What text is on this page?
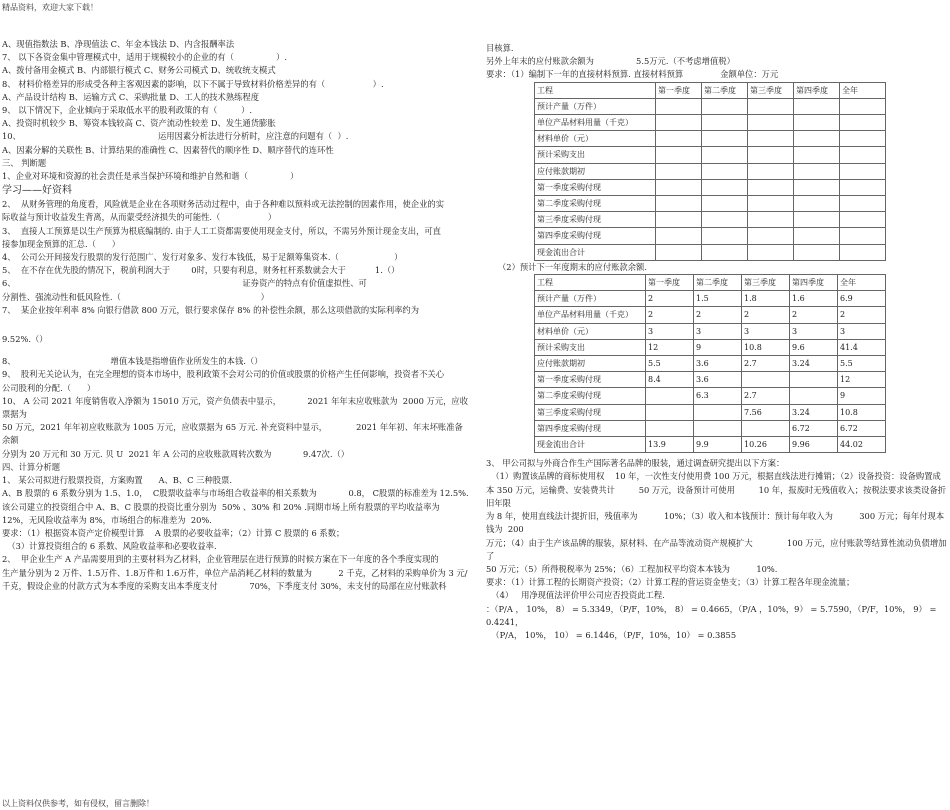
精品资料，欢迎大家下载！
A、现值指数法 B、净现值法 C、年金本钱法 D、内含报酬率法
7、 以下各资金集中管理模式中，适用于规模较小的企业的有（                ）.
A、拨付备用金模式 B、内部银行模式 C、财务公司模式 D、统收统支模式
8、 材料价格差异的形成受各种主客观因素的影响，以下不属于导致材料价格差异的有（                  ）.
A、产品设计结构 B、运输方式 C、采购批量 D、工人的技术熟练程度
9、 以下情况下，企业倾向于采取低水平的股利政策的有（         ）.
A、投资时机较少 B、筹资本钱较高 C、资产流动性较差 D、发生通货膨胀
10、                                                    运用因素分析法进行分析时，应注意的问题有（  ）.
A、因素分解的关联性 B、计算结果的准确性 C、因素替代的顺序性 D、顺序替代的连环性
三、 判断题
1、企业对环境和资源的社会责任是承当保护环境和维护自然和谐（                ）
学习——好资料
2、  从财务管理的角度看，风险就是企业在各项财务活动过程中，由于各种难以预料或无法控制的因素作用，使企业的实
际收益与预计收益发生背离，从而蒙受经济损失的可能性.（                  ）
3、  直接人工预算是以生产预算为根底编制的. 由于人工工资都需要使用现金支付，所以，不需另外预计现金支出，可直
接参加现金预算的汇总.（      ）
4、  公司公开间接发行股票的发行范围广、发行对象多、发行本钱低，易于足额筹集资本.（                     ）
5、  在不存在优先股的情况下，税前利润大于        0时，只要有利息，财务杠杆系数就会大于           1.（）
6、                                                                                      证券资产的特点有价值虚拟性、可
分割性、强流动性和低风险性.（                                                     ）
7、  某企业按年利率 8% 向银行借款 800 万元，银行要求保存 8% 的补偿性余额，那么这项借款的实际利率约为
9.52%.（）
8、                                    增值本钱是指增值作业所发生的本钱.（）
9、  股利无关论认为，在完全理想的资本市场中，股利政策不会对公司的价值或股票的价格产生任何影响，投资者不关心
公司股利的分配.（      ）
10、 A 公司 2021 年度销售收入净额为 15010 万元，资产负债表中显示，          2021 年年末应收账款为  2000 万元，应收票据为
50 万元，2021 年年初应收账款为 1005 万元，应收票据为 65 万元. 补充资料中显示，           2021 年年初、年末坏账准备余额
分别为 20 万元和 30 万元. 贝 U  2021 年 A 公司的应收账款周转次数为            9.47次.（）
四、计算分析题
1、 某公司拟进行股票投资，方案购置      A、B、C 三种股票.
A、B 股票的 6 系数分别为 1.5、1.0，  C股票收益率与市场组合收益率的相关系数为            0.8， C股票的标准差为 12.5%.
该公司建立的投资组合中 A、B、C 股票的投资比重分别为  50% 、30% 和 20% .同期市场上所有股票的平均收益率为
12%，无风险收益率为 8%，市场组合的标准差为  20%.
要求：（1）根据资本资产定价模型计算    A 股票的必要收益率；（2）计算 C 股票的 6 系数；
（3）计算投资组合的 6 系数、风险收益率和必要收益率.
2、  甲企业生产 A 产品需要用到的主要材料为乙材料，企业管理层在进行预算的时候方案在下一年度的各个季度实现的
生产量分别为 2 万件、1.5万件、1.8万件和 1.6万件，单位产品消耗乙材料的数量为          2 千克，乙材料的采购单价为 3 元/
千克，假设企业的付款方式为本季度的采购支出本季度支付            70%，下季度支付 30%，未支付的局部在应付账款科
目核算.
另外上年末的应付账款余额为                5.5万元.（不考虑增值税）
要求：（1）编制下一年的直接材料预算. 直接材料预算              金额单位：万元
工程	第一季度	第二季度	第三季度	第四季度	全年
预计产量（万件）					
单位产品材料用量（千克）					
材料单价（元）					
预计采购支出					
应付账款期初					
第一季度采购付现					
第二季度采购付现					
第三季度采购付现					
第四季度采购付现					
现金流出合计					
（2）预计下一年度期末的应付账款余额.
工程	第一季度	第二季度	第三季度	第四季度	全年
预计产量（万件）	2	1.5	1.8	1.6	6.9
单位产品材料用量（千克）	2	2	2	2	2
材料单价（元）	3	3	3	3	3
预计采购支出	12	9	10.8	9.6	41.4
应付账款期初	5.5	3.6	2.7	3.24	5.5
第一季度采购付现	8.4	3.6			12
第二季度采购付现		6.3	2.7		9
第三季度采购付现			7.56	3.24	10.8
第四季度采购付现				6.72	6.72
现金流出合计	13.9	9.9	10.26	9.96	44.02
3、 甲公司拟与外商合作生产国际著名品牌的服装，通过调查研究提出以下方案：
（1）购置该品牌的商标使用权    10 年，一次性支付使用费 100 万元，根据直线法进行摊销；（2）设备投资：设备购置成
本 350 万元，运输费、安装费共计         50 万元，设备预计可使用         10 年，报废时无残值收入；按税法要求该类设备折旧年限
为 8 年，使用直线法计提折旧，残值率为          10%；（3）收入和本钱预计：预计每年收入为          300 万元；每年付现本钱为  200
万元；（4）由于生产该品牌的服装，原材料、在产品等流动资产规模扩大             100 万元，应付账款等结算性流动负债增加了
50 万元；（5）所得税税率为 25%；（6）工程加权平均资本本钱为          10%.
要求：（1）计算工程的长期资产投资；（2）计算工程的营运资金垫支；（3）计算工程各年现金流量；
（4）   用净现值法评价甲公司应否投资此工程.
：（P/A ， 10%， 8） = 5.3349，（P/F，10%， 8） = 0.4665，（P/A ，10%，9） = 5.7590，（P/F，10%， 9） = 0.4241，
（P/A， 10%， 10） = 6.1446，（P/F，10%，10） = 0.3855
以上资料仅供参考，如有侵权，留言删除！
